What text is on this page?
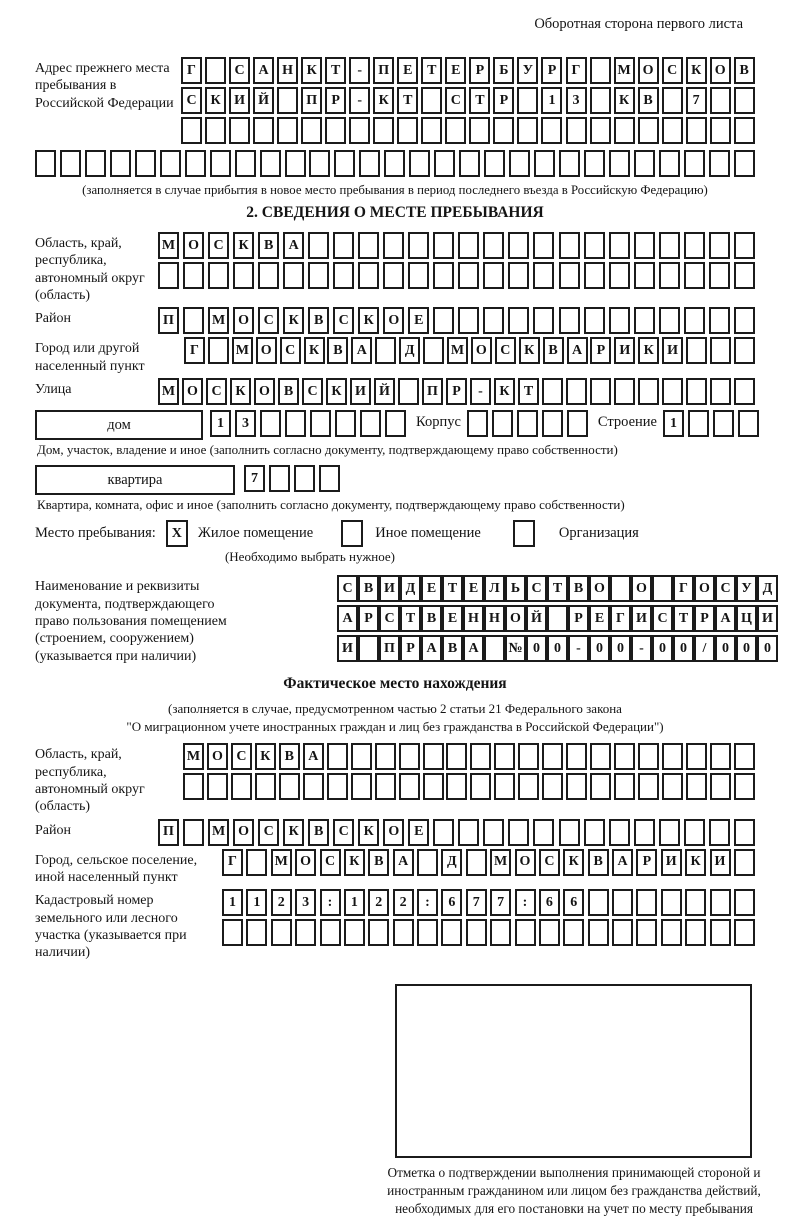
Оборотная сторона первого листа
Адрес прежнего места пребывания в Российской Федерации
Г	С А Н К	Т	-	П Е	Т	Е	Р	Б	У	Р	Г	М О С К О В
С К И Й	П	Р	-	К	Т	С	Т	Р	1	3	К	В	7
(заполняется в случае прибытия в новое место пребывания в период последнего въезда в Российскую Федерацию)
2. СВЕДЕНИЯ О МЕСТЕ ПРЕБЫВАНИЯ
Область, край, республика, автономный округ (область)
М О	С	К	В	А
Район	П	М О	С	К	В	С	К	О	Е
Город или другой населенный пункт
Г	М О С К	В	А	Д	М О С К	В	А	Р	И К И
Улица	М О С К О В	С К И Й	П	Р	-	К	Т
дом	1	3	Корпус	Строение 1
Дом, участок, владение и иное (заполнить согласно документу, подтверждающему право собственности)
квартира	7
Квартира, комната, офис и иное (заполнить согласно документу, подтверждающему право собственности)
Место пребывания:	X	Жилое помещение	Иное помещение	Организация
(Необходимо выбрать нужное)
Наименование и реквизиты документа, подтверждающего право пользования помещением (строением, сооружением) (указывается при наличии)
С В И Д Е Т Е Л Ь С Т В О	О	Г О С У Д
А Р С Т В Е Н Н О Й	Р Е Г И С Т Р А Ц И
И	П Р А В А	№ 0	0	-	0	0	-	0	0	/	0	0	0
Фактическое место нахождения
(заполняется в случае, предусмотренном частью 2 статьи 21 Федерального закона
"О миграционном учете иностранных граждан и лиц без гражданства в Российской Федерации")
Область, край, республика, автономный округ (область)
М О С К	В	А
Район	П	М О	С	К	В	С	К	О	Е
Город, сельское поселение, иной населенный пункт
Г	М О С	К	В	А	Д	М О С	К	В	А	Р	И К И
Кадастровый номер земельного или лесного участка (указывается при наличии)
1	1	2	3	:	1	2	2	:	6	7	7	:	6	6
Отметка о подтверждении выполнения принимающей стороной и иностранным гражданином или лицом без гражданства действий, необходимых для его постановки на учет по месту пребывания
